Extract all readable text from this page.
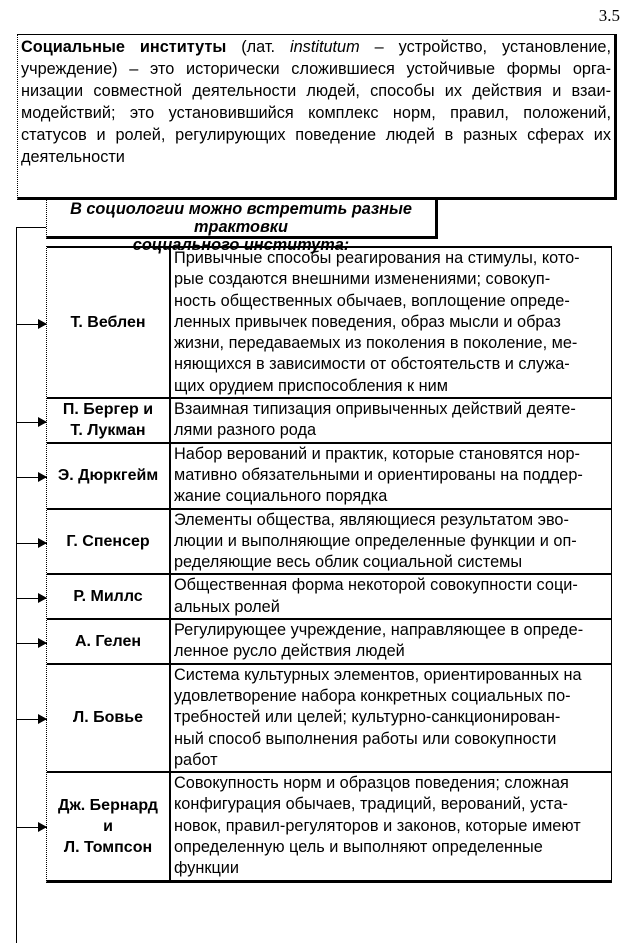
3.5
Социальные институты (лат. institutum – устройство, установление,
учреждение) – это исторически сложившиеся устойчивые формы орга-
низации совместной деятельности людей, способы их действия и взаи-
модействий; это установившийся комплекс норм, правил, положений,
статусов и ролей, регулирующих поведение людей в разных сферах их
деятельности
В социологии можно встретить разные трактовки
социального института:
Т. Веблен
Привычные способы реагирования на стимулы, кото-
рые создаются внешними изменениями; совокуп-
ность общественных обычаев, воплощение опреде-
ленных привычек поведения, образ мысли и образ
жизни, передаваемых из поколения в поколение, ме-
няющихся в зависимости от обстоятельств и служа-
щих орудием приспособления к ним
П. Бергер и
Т. Лукман
Взаимная типизация опривыченных действий деяте-
лями разного рода
Э. Дюркгейм
Набор верований и практик, которые становятся нор-
мативно обязательными и ориентированы на поддер-
жание социального порядка
Г. Спенсер
Элементы общества, являющиеся результатом эво-
люции и выполняющие определенные функции и оп-
ределяющие весь облик социальной системы
Р. Миллс
Общественная форма некоторой совокупности соци-
альных ролей
А. Гелен
Регулирующее учреждение, направляющее в опреде-
ленное русло действия людей
Л. Бовье
Система культурных элементов, ориентированных на
удовлетворение набора конкретных социальных по-
требностей или целей; культурно-санкционирован-
ный способ выполнения работы или совокупности
работ
Дж. Бернард
и
Л. Томпсон
Совокупность норм и образцов поведения; сложная
конфигурация обычаев, традиций, верований, уста-
новок, правил-регуляторов и законов, которые имеют
определенную цель и выполняют определенные
функции
